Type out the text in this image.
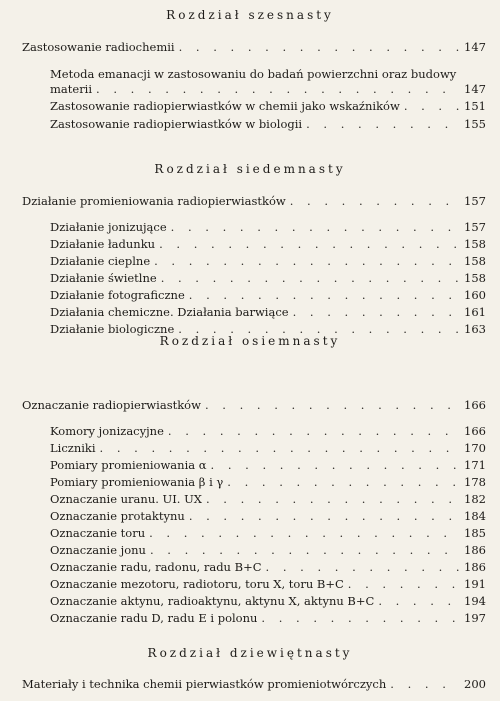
Rozdział szesnasty
Zastosowanie radiochemii . . .	147
Metoda emanacji w zastosowaniu do badań powierzchni oraz budowy
materii . . .	147
Zastosowanie radiopierwiastków w chemii jako wskaźników . . .	151
Zastosowanie radiopierwiastków w biologii . . .	155
Rozdział siedemnasty
Działanie promieniowania radiopierwiastków . . .	157
Działanie jonizujące . . .	157
Działanie ładunku . . .	158
Działanie cieplne . . .	158
Działanie świetlne . . .	158
Działanie fotograficzne . . .	160
Działania chemiczne. Działania barwiące . . .	161
Działanie biologiczne . . .	163
Rozdział osiemnasty
Oznaczanie radiopierwiastków . . .	166
Komory jonizacyjne . . .	166
Liczniki . . .	170
Pomiary promieniowania α . . .	171
Pomiary promieniowania β i γ . . .	178
Oznaczanie uranu. UI. UX . . .	182
Oznaczanie protaktynu . . .	184
Oznaczanie toru . . .	185
Oznaczanie jonu . . .	186
Oznaczanie radu, radonu, radu B+C . . .	186
Oznaczanie mezotoru, radiotoru, toru X, toru B+C . . .	191
Oznaczanie aktynu, radioaktynu, aktynu X, aktynu B+C . . .	194
Oznaczanie radu D, radu E i polonu . . .	197
Rozdział dziewiętnasty
Materiały i technika chemii pierwiastków promieniotwórczych . . .	200
